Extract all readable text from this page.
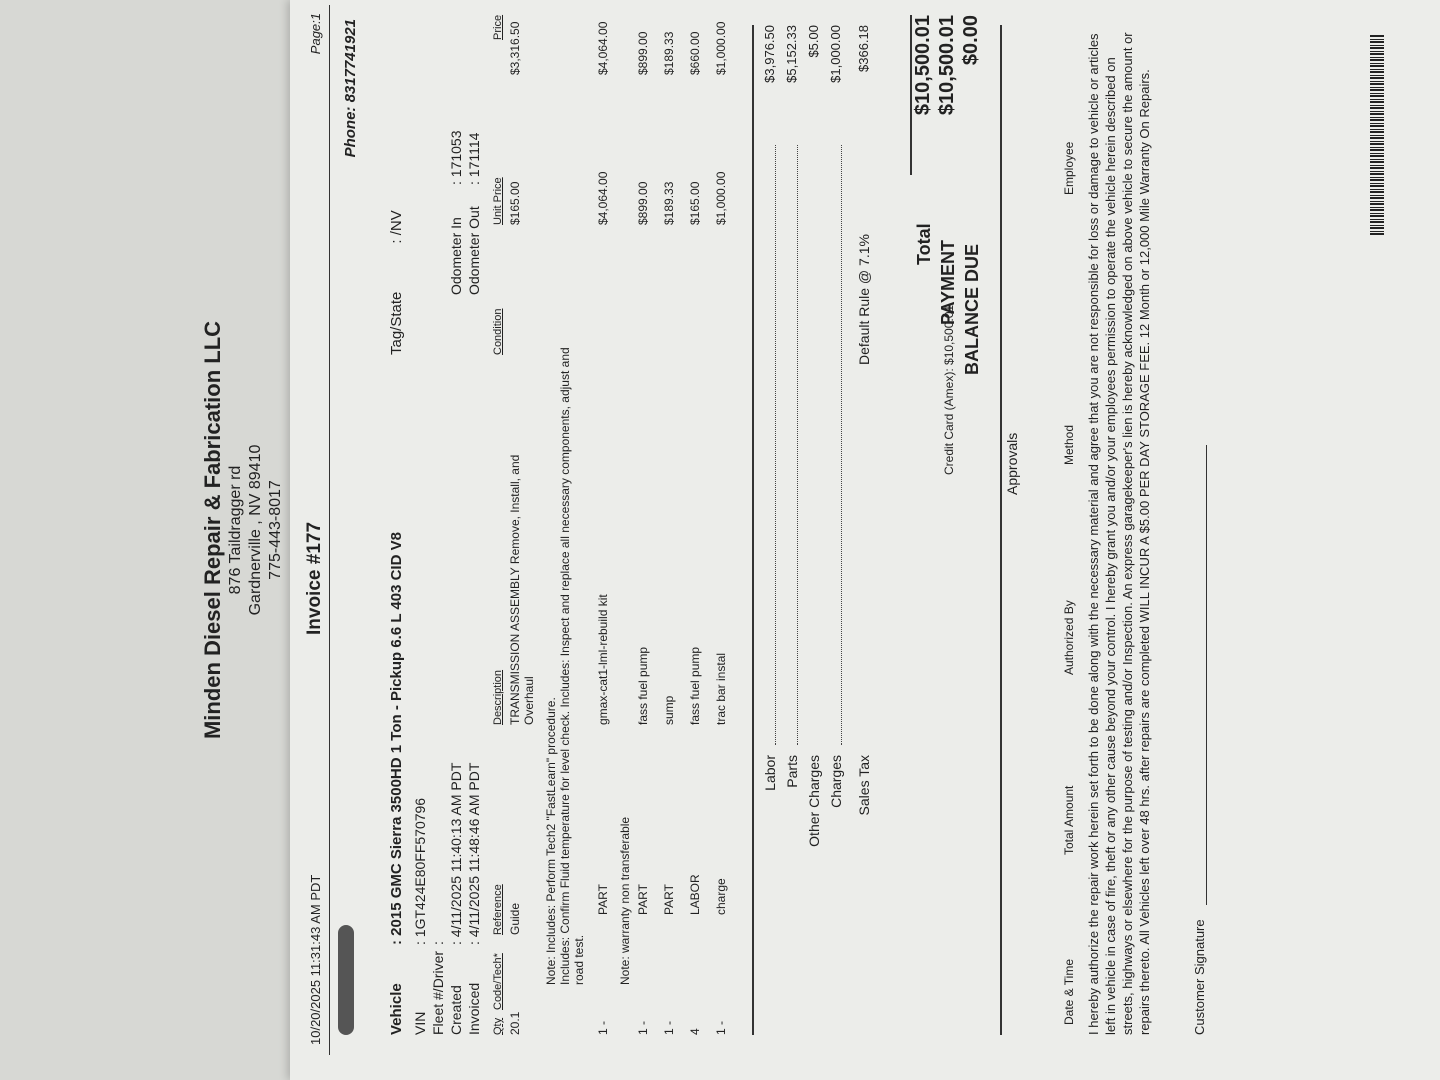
Minden Diesel Repair & Fabrication LLC 876 Taildragger rd Gardnerville , NV 89410 775-443-8017
10/20/2025 11:31:43 AM PDT
Invoice #177
Page:1 Phone: 8317741921
Vehicle: 2015 GMC Sierra 3500HD 1 Ton - Pickup 6.6 L 403 CID V8
Tag/State: /NV
VIN: 1GT424E80FF570796
Fleet #/Driver:
Created: 4/11/2025 11:40:13 AM PDT
Invoiced: 4/11/2025 11:48:46 AM PDT
Odometer In: 171053
Odometer Out: 171114
Qty
Code/Tech*
Reference
Description
Condition
Unit Price
Price
20.1
Guide
TRANSMISSION ASSEMBLY Remove, Install, and Overhaul
$165.00
$3,316.50
Note: Includes: Perform Tech2 "FastLearn" procedure. Includes: Confirm Fluid temperature for level check. Includes: Inspect and replace all necessary components, adjust and road test.
1 -
PART
gmax-cat1-lml-rebuild kit
$4,064.00
$4,064.00
Note: warranty non transferable
1 -
PART
fass fuel pump
$899.00
$899.00
1 -
PART
sump
$189.33
$189.33
4
LABOR
fass fuel pump
$165.00
$660.00
1 -
charge
trac bar instal
$1,000.00
$1,000.00
Labor
$3,976.50
Parts
$5,152.33
Other Charges
$5.00
Charges
$1,000.00
Sales Tax
Default Rule @ 7.1%
$366.18
Total
$10,500.01
Credit Card (Amex): $10,500.01
PAYMENT
$10,500.01
BALANCE DUE
$0.00
Approvals
Date & Time
Total Amount
Authorized By
Method
Employee I hereby authorize the repair work herein set forth to be done along with the necessary material and agree that you are not responsible for loss or damage to vehicle or articles left in vehicle in case of fire, theft or any other cause beyond your control. I hereby grant you and/or your employees permission to operate the vehicle herein described on streets, highways or elsewhere for the purpose of testing and/or Inspection. An express garagekeeper's lien is hereby acknowledged on above vehicle to secure the amount or repairs thereto. All Vehicles left over 48 hrs. after repairs are completed WILL INCUR A $5.00 PER DAY STORAGE FEE. 12 Month or 12,000 Mile Warranty On Repairs.	Customer Signature
